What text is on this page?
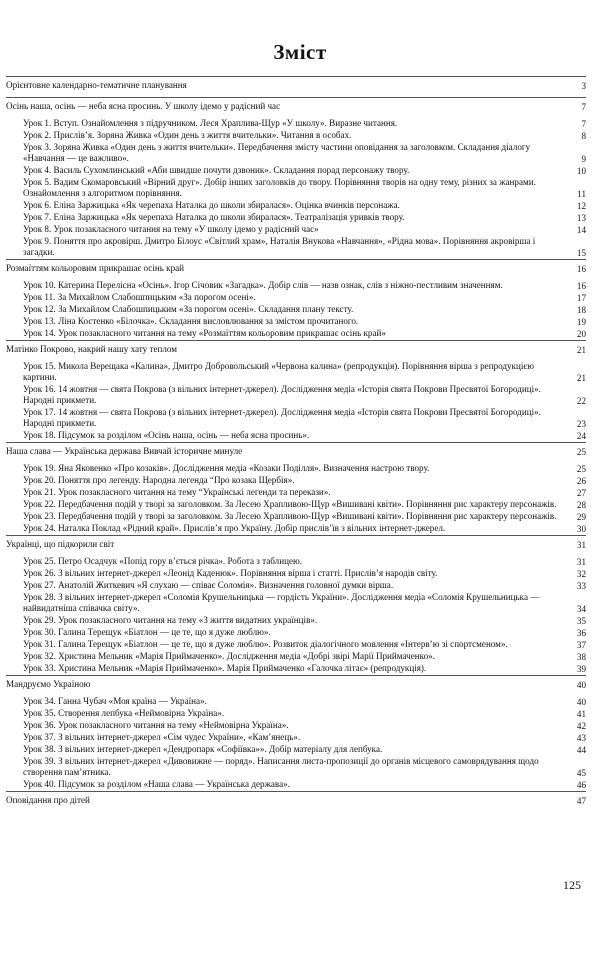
Зміст
Орієнтовне календарно-тематичне планування	3
Осінь наша, осінь — неба ясна просинь. У школу ідемо у радісний час	7
Урок 1. Вступ. Ознайомлення з підручником. Леся Храплива-Щур «У школу». Виразне читання.	7
Урок 2. Прислів’я. Зоряна Живка «Один день з життя вчительки». Читання в особах.	8
Урок 3. Зоряна Живка «Один день з життя вчительки». Передбачення змісту частини оповідання за заголовком. Складання діалогу «Навчання — це важливо».	9
Урок 4. Василь Сухомлинський «Аби швидше почути дзвоник». Складання порад персонажу твору.	10
Урок 5. Вадим Скомаровський «Вірний друг». Добір інших заголовків до твору. Порівняння творів на одну тему, різних за жанрами. Ознайомлення з алгоритмом порівняння.	11
Урок 6. Еліна Заржицька «Як черепаха Наталка до школи збиралася». Оцінка вчинків персонажа.	12
Урок 7. Еліна Заржицька «Як черепаха Наталка до школи збиралася». Театралізація уривків твору.	13
Урок 8. Урок позакласного читання на тему «У школу ідемо у радісний час»	14
Урок 9. Поняття про акровірш. Дмитро Білоус «Світлий храм», Наталія Внукова «Навчання», «Рідна мова». Порівняння акровірша і загадки.	15
Розмаїттям кольоровим прикрашає осінь край	16
Урок 10. Катерина Перелісна «Осінь». Ігор Січовик «Загадка». Добір слів — назв ознак, слів з ніжно-пестливим значенням.	16
Урок 11. За Михайлом Слабошпицьким «За порогом осені».	17
Урок 12. За Михайлом Слабошпицьким «За порогом осені». Складання плану тексту.	18
Урок 13. Ліна Костенко «Білочка». Складання висловлювання за змістом прочитаного.	19
Урок 14. Урок позакласного читання на тему «Розмаїттям кольоровим прикрашає осінь край»	20
Матінко Покрово, накрий нашу хату теплом	21
Урок 15. Микола Верещака «Калина», Дмитро Добровольський «Червона калина» (репродукція). Порівняння вірша з репродукцією картини.	21
Урок 16. 14 жовтня — свята Покрова (з вільних інтернет-джерел). Дослідження медіа «Історія свята Покрови Пресвятої Богородиці». Народні прикмети.	22
Урок 17. 14 жовтня — свята Покрова (з вільних інтернет-джерел). Дослідження медіа «Історія свята Покрови Пресвятої Богородиці». Народні прикмети.	23
Урок 18. Підсумок за розділом «Осінь наша, осінь — неба ясна просинь».	24
Наша слава — Українська держава Вивчай історичне минуле	25
Урок 19. Яна Яковенко «Про козаків». Дослідження медіа «Козаки Поділля». Визначення настрою твору.	25
Урок 20. Поняття про легенду. Народна легенда “Про козака Щербія».	26
Урок 21. Урок позакласного читання на тему “Українські легенди та перекази».	27
Урок 22. Передбачення подій у творі за заголовком. За Лесею Храпливою-Щур «Вишивані квіти». Порівняння рис характеру персонажів.	28
Урок 23. Передбачення подій у творі за заголовком. За Лесею Храпливою-Щур «Вишивані квіти». Порівняння рис характеру персонажів.	29
Урок 24. Наталка Поклад «Рідний край». Прислів’я про Україну. Добір прислів’їв з вільних інтернет-джерел.	30
Українці, що підкорили світ	31
Урок 25. Петро Осадчук «Попід гору в’ється річка». Робота з таблицею.	31
Урок 26. З вільних інтернет-джерел «Леонід Каденюк». Порівняння вірша і статті. Прислів’я народів світу.	32
Урок 27. Анатолій Житкевич «Я слухаю — співає Соломія». Визначення головної думки вірша.	33
Урок 28. З вільних інтернет-джерел «Соломія Крушельницька — гордість України». Дослідження медіа «Соломія Крушельницька — найвидатніша співачка світу».	34
Урок 29. Урок позакласного читання на тему «З життя видатних українців».	35
Урок 30. Галина Терещук «Біатлон — це те, що я дуже люблю».	36
Урок 31. Галина Терещук «Біатлон — це те, що я дуже люблю». Розвиток діалогічного мовлення «Інтерв’ю зі спортсменом».	37
Урок 32. Христина Мельник «Марія Приймаченко». Дослідження медіа «Добрі звірі Марії Приймаченко».	38
Урок 33. Христина Мельник «Марія Приймаченко». Марія Приймаченко «Галочка літає» (репродукція).	39
Мандруємо Україною	40
Урок 34. Ганна Чубач «Моя країна — Україна».	40
Урок 35. Створення лепбука «Неймовірна Україна».	41
Урок 36. Урок позакласного читання на тему «Неймовірна Україна».	42
Урок 37. З вільних інтернет-джерел «Сім чудес України», «Кам’янець».	43
Урок 38. З вільних інтернет-джерел «Дендропарк «Софіївка»». Добір матеріалу для лепбука.	44
Урок 39. З вільних інтернет-джерел «Дивовижне — поряд». Написання листа-пропозиції до органів місцевого самоврядування щодо створення пам’ятника.	45
Урок 40. Підсумок за розділом «Наша слава — Українська держава».	46
Оповідання про дітей	47
125
